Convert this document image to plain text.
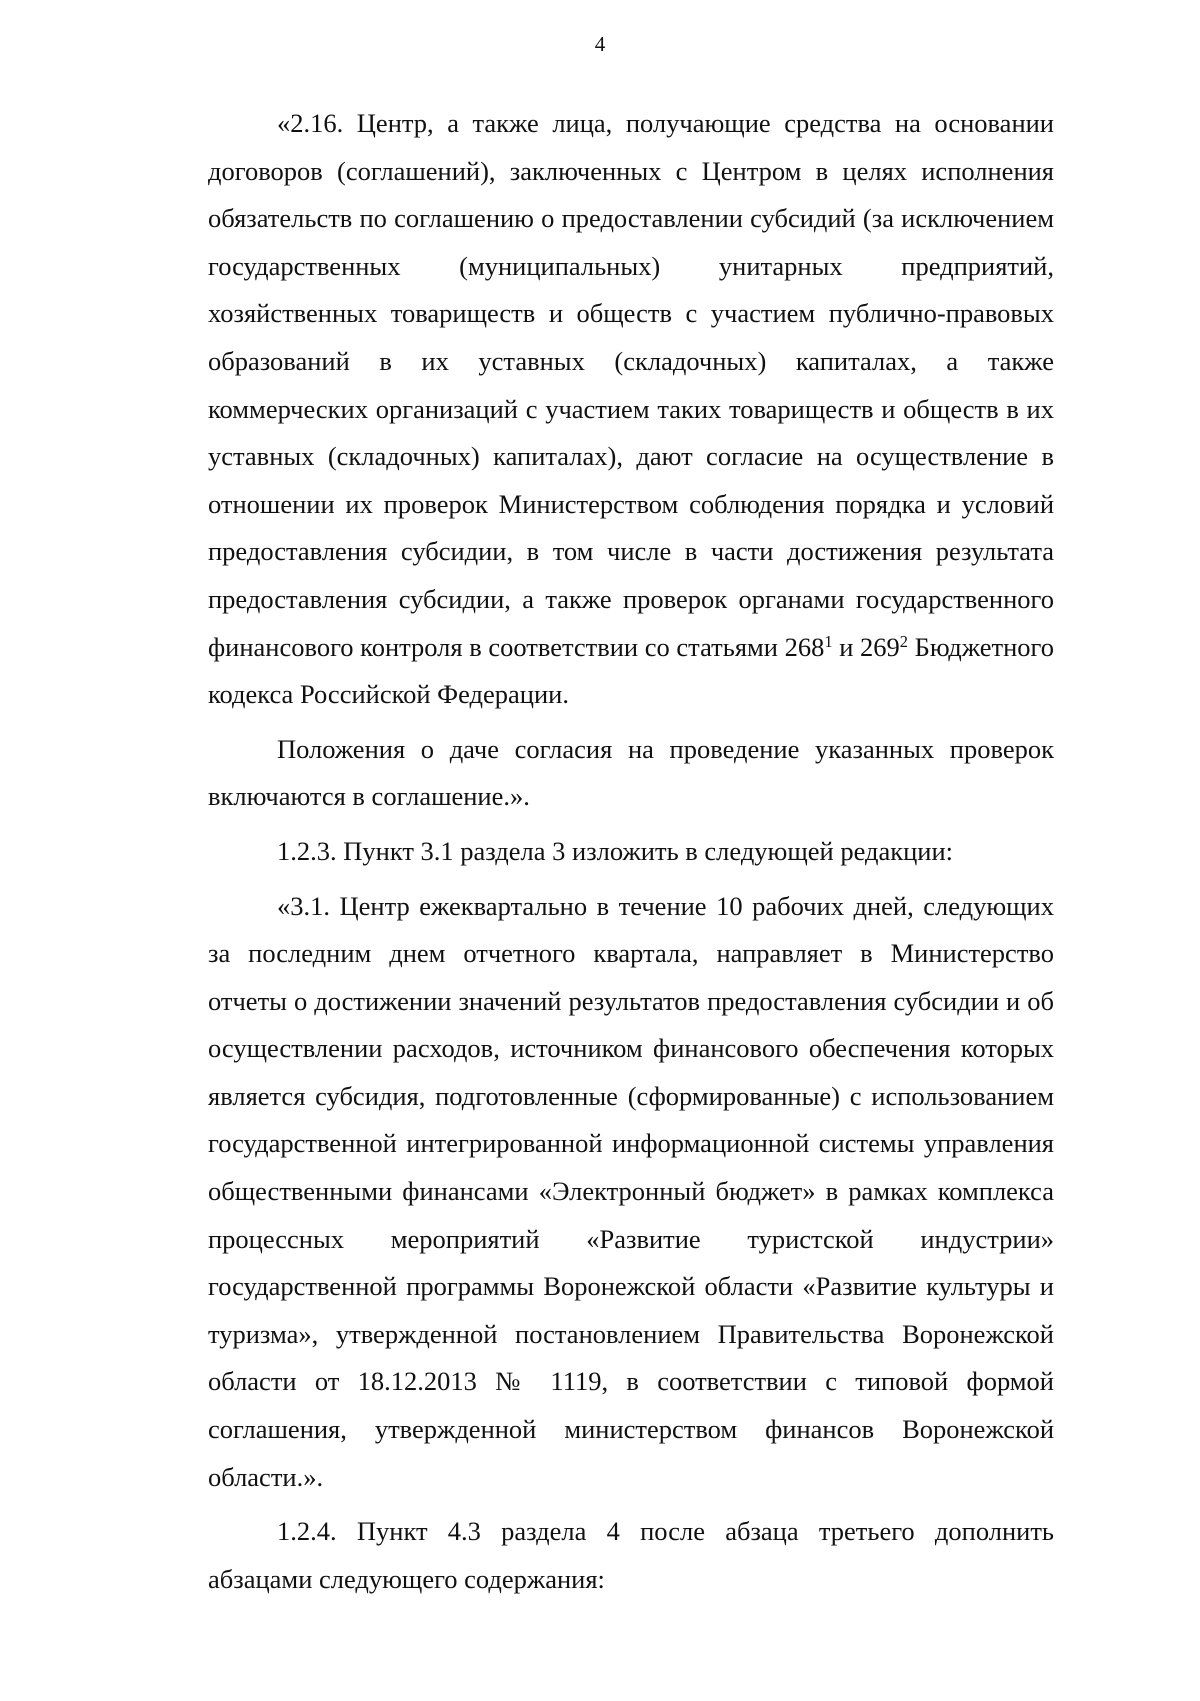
4

«2.16. Центр, а также лица, получающие средства на основании договоров (соглашений), заключенных с Центром в целях исполнения обязательств по соглашению о предоставлении субсидий (за исключением государственных (муниципальных) унитарных предприятий, хозяйственных товариществ и обществ с участием публично-правовых образований в их уставных (складочных) капиталах, а также коммерческих организаций с участием таких товариществ и обществ в их уставных (складочных) капиталах), дают согласие на осуществление в отношении их проверок Министерством соблюдения порядка и условий предоставления субсидии, в том числе в части достижения результата предоставления субсидии, а также проверок органами государственного финансового контроля в соответствии со статьями $268^1$ и $269^2$ Бюджетного кодекса Российской Федерации.

Положения о даче согласия на проведение указанных проверок включаются в соглашение.».

1.2.3. Пункт 3.1 раздела 3 изложить в следующей редакции:

«3.1. Центр ежеквартально в течение 10 рабочих дней, следующих за последним днем отчетного квартала, направляет в Министерство отчеты о достижении значений результатов предоставления субсидии и об осуществлении расходов, источником финансового обеспечения которых является субсидия, подготовленные (сформированные) с использованием государственной интегрированной информационной системы управления общественными финансами «Электронный бюджет» в рамках комплекса процессных мероприятий «Развитие туристской индустрии» государственной программы Воронежской области «Развитие культуры и туризма», утвержденной постановлением Правительства Воронежской области от 18.12.2013 № 1119, в соответствии с типовой формой соглашения, утвержденной министерством финансов Воронежской области.».

1.2.4. Пункт 4.3 раздела 4 после абзаца третьего дополнить абзацами следующего содержания:
